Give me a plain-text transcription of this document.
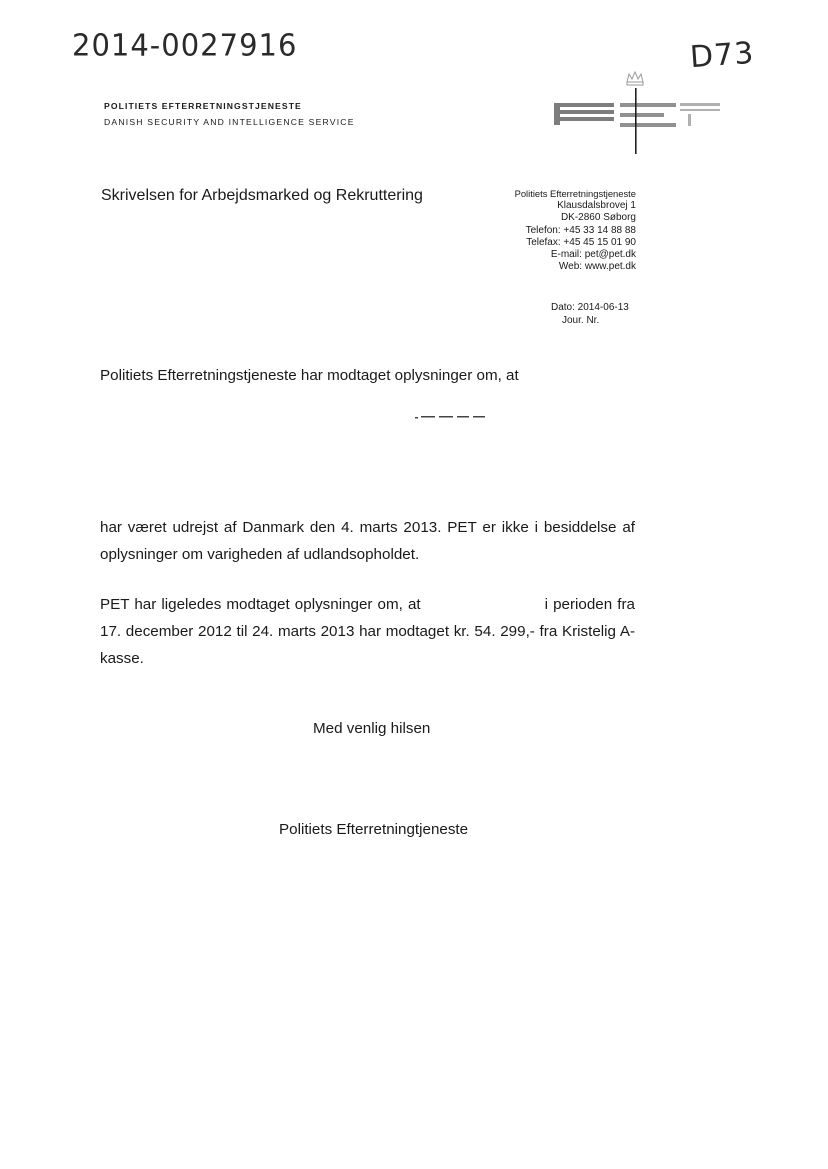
2014-0027916	D73
POLITIETS EFTERRETNINGSTJENESTE
DANISH SECURITY AND INTELLIGENCE SERVICE
Skrivelsen for Arbejdsmarked og Rekruttering	Politiets Efterretningstjeneste
Klausdalsbrovej 1
DK-2860 Søborg
Telefon: +45 33 14 88 88
Telefax: +45 45 15 01 90
E-mail: pet@pet.dk
Web: www.pet.dk
Dato: 2014-06-13
Jour. Nr.
Politiets Efterretningstjeneste har modtaget oplysninger om, at
har været udrejst af Danmark den 4. marts 2013. PET er ikke i besiddelse af oplysninger om varigheden af udlandsopholdet.
PET har ligeledes modtaget oplysninger om, at	i perioden fra 17. december 2012 til 24. marts 2013 har modtaget kr. 54. 299,- fra Kristelig A-kasse.
Med venlig hilsen
Politiets Efterretningtjeneste
